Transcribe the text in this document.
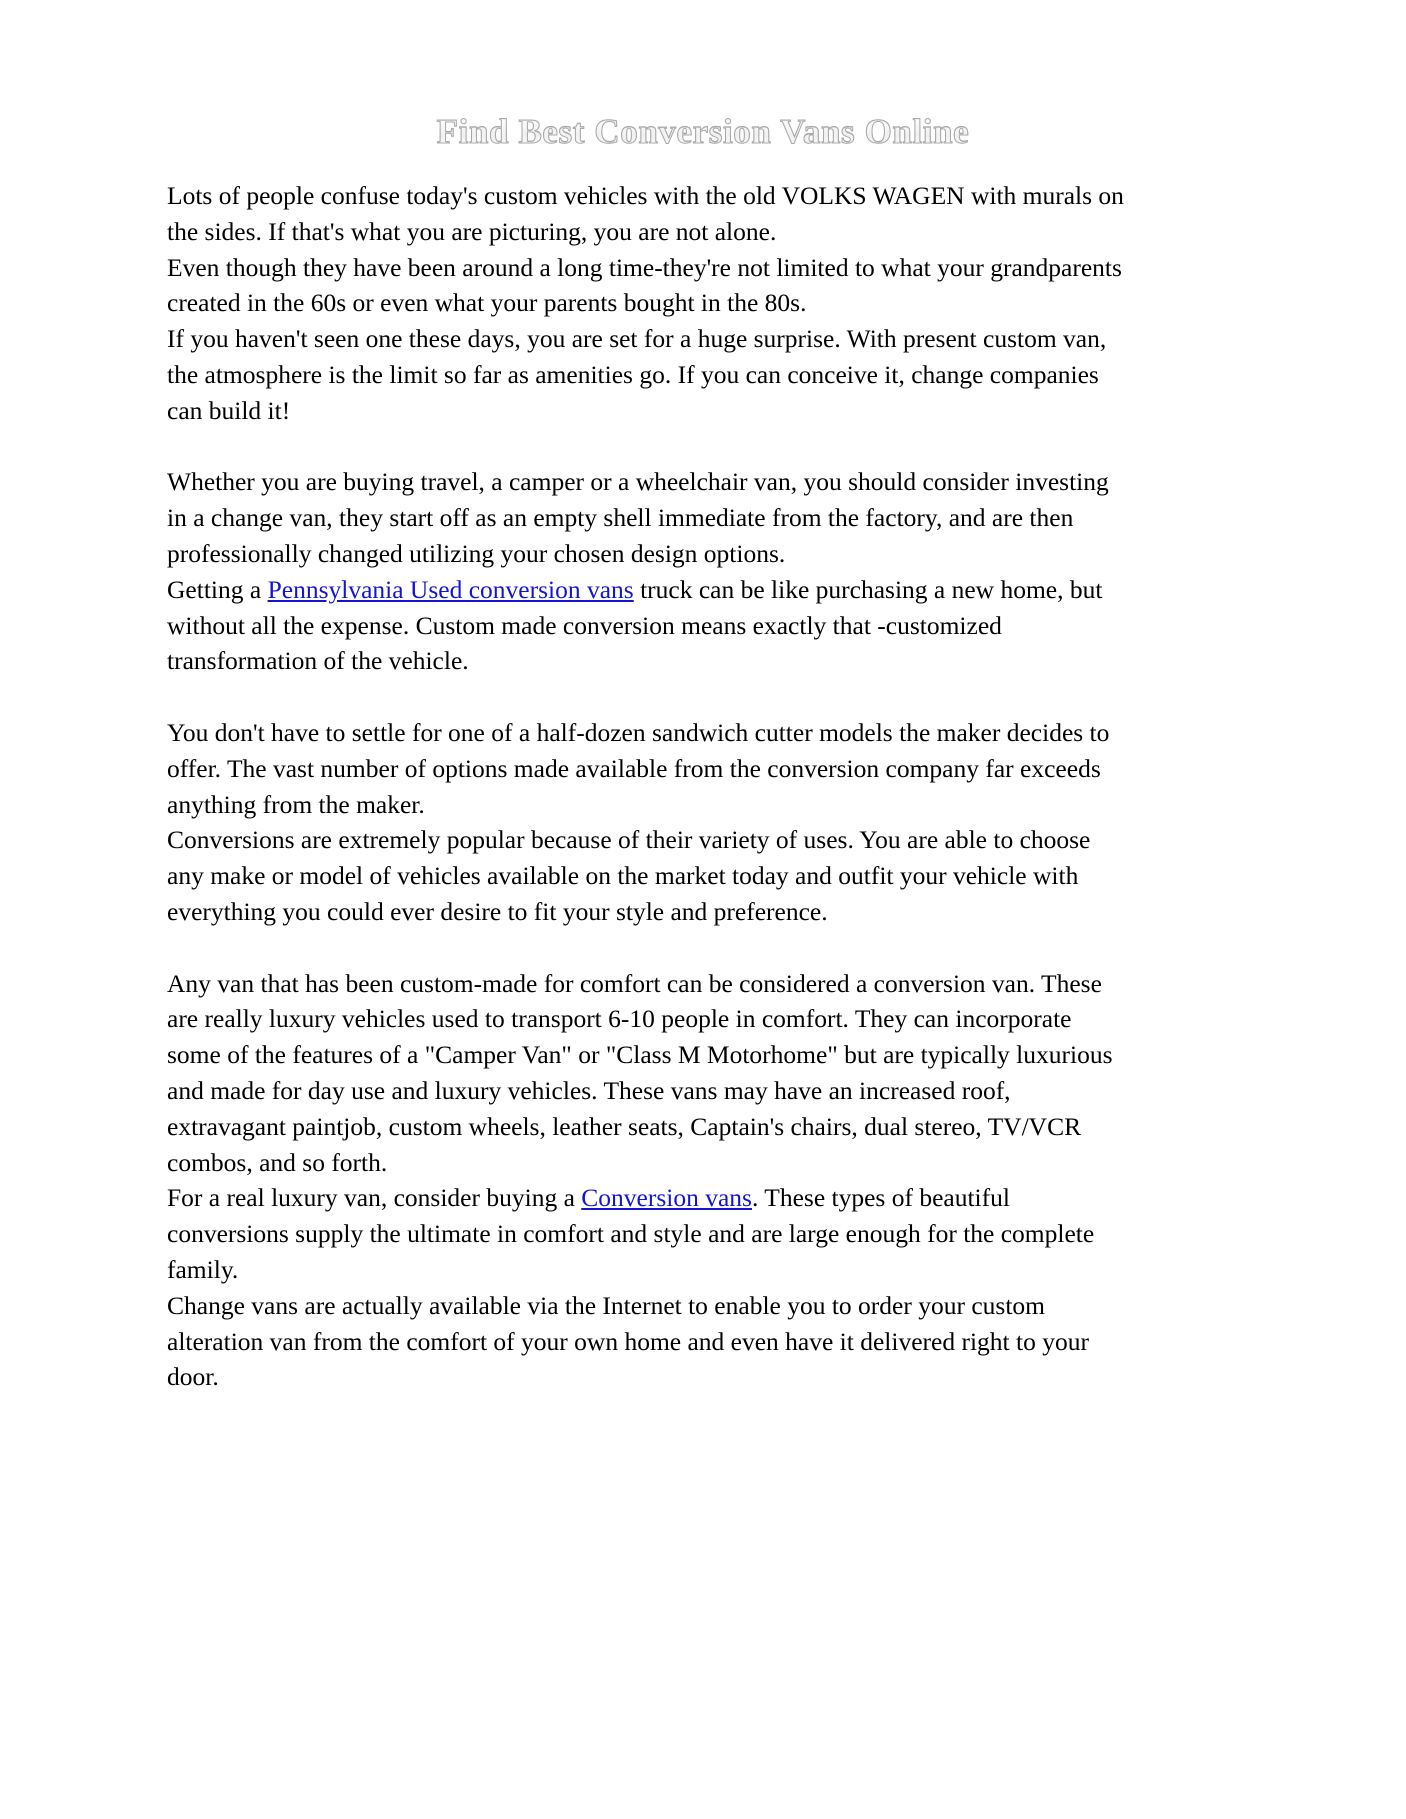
Find Best Conversion Vans Online

Lots of people confuse today's custom vehicles with the old VOLKS WAGEN with murals on the sides. If that's what you are picturing, you are not alone.

Even though they have been around a long time-they're not limited to what your grandparents created in the 60s or even what your parents bought in the 80s.

If you haven't seen one these days, you are set for a huge surprise. With present custom van, the atmosphere is the limit so far as amenities go. If you can conceive it, change companies can build it!

Whether you are buying travel, a camper or a wheelchair van, you should consider investing in a change van, they start off as an empty shell immediate from the factory, and are then professionally changed utilizing your chosen design options.

Getting a Pennsylvania Used conversion vans truck can be like purchasing a new home, but without all the expense. Custom made conversion means exactly that -customized transformation of the vehicle.

You don't have to settle for one of a half-dozen sandwich cutter models the maker decides to offer. The vast number of options made available from the conversion company far exceeds anything from the maker.

Conversions are extremely popular because of their variety of uses. You are able to choose any make or model of vehicles available on the market today and outfit your vehicle with everything you could ever desire to fit your style and preference.

Any van that has been custom-made for comfort can be considered a conversion van. These are really luxury vehicles used to transport 6-10 people in comfort. They can incorporate some of the features of a "Camper Van" or "Class M Motorhome" but are typically luxurious and made for day use and luxury vehicles. These vans may have an increased roof, extravagant paintjob, custom wheels, leather seats, Captain's chairs, dual stereo, TV/VCR combos, and so forth.

For a real luxury van, consider buying a Conversion vans. These types of beautiful conversions supply the ultimate in comfort and style and are large enough for the complete family.

Change vans are actually available via the Internet to enable you to order your custom alteration van from the comfort of your own home and even have it delivered right to your door.
